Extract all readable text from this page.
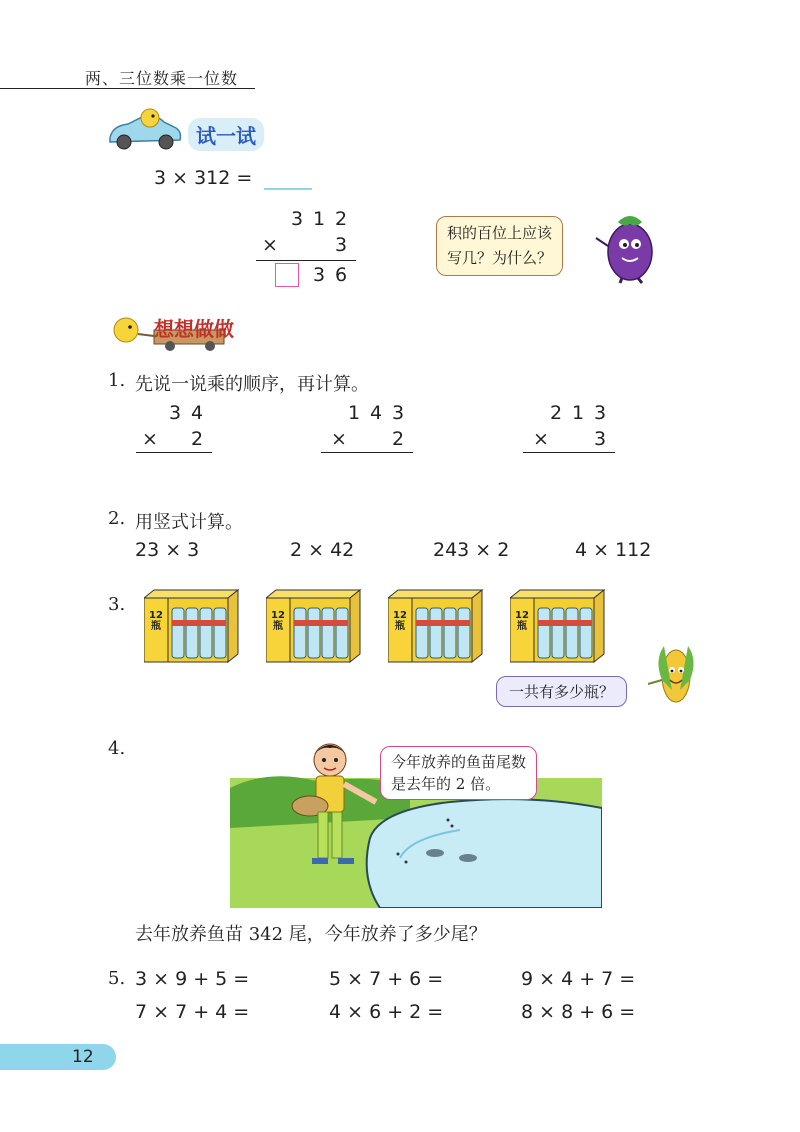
两、三位数乘一位数
试一试
3 × 312 =
3 1 2
×	3
3 6
积的百位上应该
写几？为什么？
想想做做
1. 先说一说乘的顺序，再计算。
3 4
× 2
1 4 3
× 2
2 1 3
× 3
2. 用竖式计算。
23 × 3	2 × 42	243 × 2	4 × 112
3.
12
瓶
12
瓶
12
瓶
12
瓶
一共有多少瓶？
4.
今年放养的鱼苗尾数
是去年的 2 倍。
去年放养鱼苗 342 尾，今年放养了多少尾？
5. 3 × 9 + 5 =	5 × 7 + 6 =	9 × 4 + 7 =
7 × 7 + 4 =	4 × 6 + 2 =	8 × 8 + 6 =
12
